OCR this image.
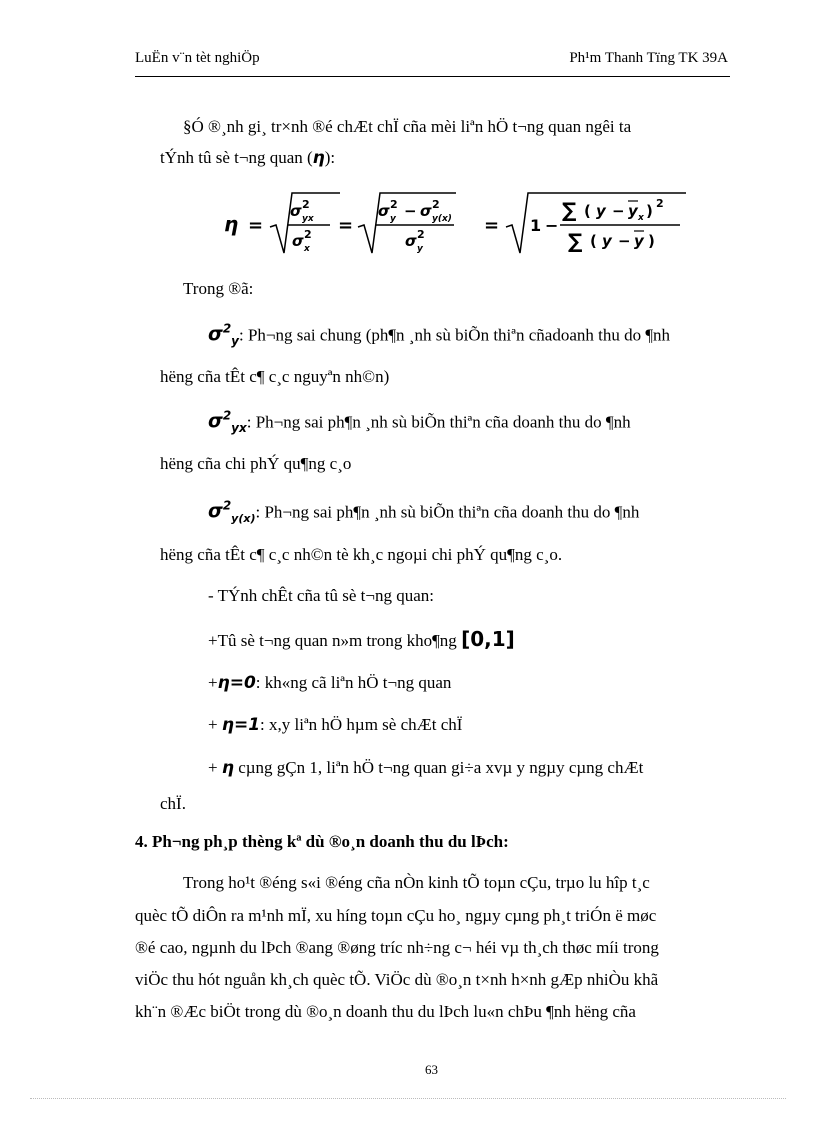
LuËn v¨n tèt nghiÖp	Ph¹m Thanh Tïng TK 39A
§Ó ®¸nh gi¸ tr×nh ®é chÆt chÏ cña mèi liªn hÖ t¬ng quan ngêi ta
tÝnh tû sè t¬ng quan (η):
η =
σ 2
yx
σ 2
x
=
σ 2
y − σ 2
y(x)
σ 2
y
= 1 −
∑ ( y − y x ) 2
∑ ( y − y )
Trong ®ã:
$\sigma^2_y$: Ph¬ng sai chung (ph¶n ¸nh sù biÕn thiªn cñadoanh thu do ¶nh
hëng cña tÊt c¶ c¸c nguyªn nh©n)
$\sigma^2_{yx}$: Ph¬ng sai ph¶n ¸nh sù biÕn thiªn cña doanh thu do ¶nh
hëng cña chi phÝ qu¶ng c¸o
$\sigma^2_{y(x)}$: Ph¬ng sai ph¶n ¸nh sù biÕn thiªn cña doanh thu do ¶nh
hëng cña tÊt c¶ c¸c nh©n tè kh¸c ngoµi chi phÝ qu¶ng c¸o.
- TÝnh chÊt cña tû sè t¬ng quan:
+Tû sè t¬ng quan n»m trong kho¶ng [0,1]
+η=0: kh«ng cã liªn hÖ t¬ng quan
+ η=1: x,y liªn hÖ hµm sè chÆt chÏ
+ η cµng gÇn 1, liªn hÖ t¬ng quan gi÷a xvµ y ngµy cµng chÆt
chÏ.
4. Ph¬ng ph¸p thèng kª dù ®o¸n doanh thu du lÞch:
Trong ho¹t ®éng s«i ®éng cña nÒn kinh tÕ toµn cÇu, trµo lu hîp t¸c
quèc tÕ diÔn ra m¹nh mÏ, xu híng toµn cÇu ho¸ ngµy cµng ph¸t triÓn ë møc
®é cao, ngµnh du lÞch ®ang ®øng tríc nh÷ng c¬ héi vµ th¸ch thøc míi trong
viÖc thu hót nguån kh¸ch quèc tÕ. ViÖc dù ®o¸n t×nh h×nh gÆp nhiÒu khã
kh¨n ®Æc biÖt trong dù ®o¸n doanh thu du lÞch lu«n chÞu ¶nh hëng cña
63
